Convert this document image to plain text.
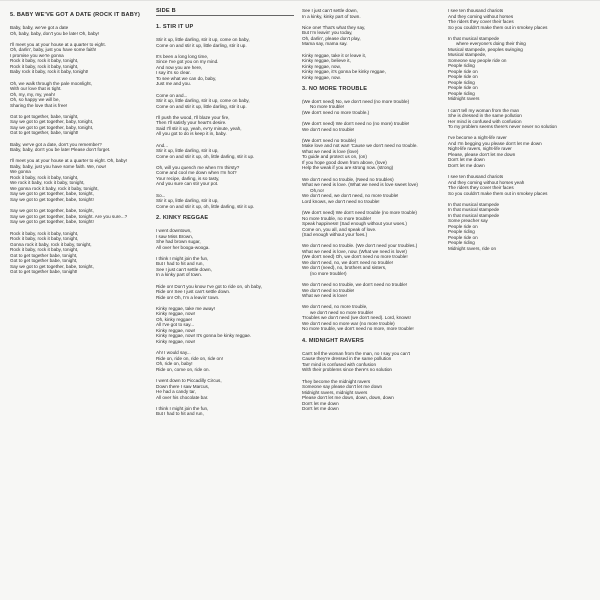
5. BABY WE'VE GOT A DATE (ROCK IT BABY)
Baby, baby, we've got a date
Oh, baby, baby, don't you be late! Oh, baby!
I'll meet you at your house at a quarter to eight.
Oh, darlin', baby, just you have some faith!
I promise you we're gonna
Rock it baby, rock it baby, tonight,
Rock it baby, rock it baby, tonight,
Baby rock it baby, rock it baby, tonight!
Oh, we walk through the pale moonlight,
With our love that is tight.
Oh, my, my, my, yeah!
Oh, so happy we will be,
Sharing the love that is free!
Got to get together, babe, tonight,
Say we got to get together, baby, tonight,
Say we got to get together, baby, tonight,
Got to get together, babe, tonight!
Baby, we've got a date, don't you remember?
Baby, baby, don't you be late! Please don't forget.
I'll meet you at your house at a quarter to eight. Oh, baby!
Baby, baby, just you have some faith. We, now!
We gonna
Rock it baby, rock it baby, tonight,
We rock it baby, rock it baby, tonight,
We gonna rock it baby, rock it baby, tonight,
Say we got to get together, babe, tonight,
Say we got to get together, babe, tonight!
Say we got to get together, babe, tonight,
Say we got to get together, babe, tonight. Are you sure...?
Say we got to get together, babe, tonight!
Rock it baby, rock it baby, tonight,
Rock it baby, rock it baby, tonight,
Gonna rock it baby, rock it baby, tonight,
Rock it baby, rock it baby, tonight,
Got to get together babe, tonight,
Got to get together babe, tonight,
Say we got to get together, babe, tonight,
Got to get together babe, tonight!
SIDE B
1. STIR IT UP
Stir it up, little darling, stir it up, come on baby,
Come on and stir it up, little darling, stir it up.
It's been a long long time,
Since I've got you on my mind.
And now you are here,
I say it's so clear.
To see what we can do, baby,
Just me and you.
Come on and...
Stir it up, little darling, stir it up, come on baby,
Come on and stir it up, little darling, stir it up.
I'll push the wood, I'll blaze your fire,
Then I'll satisfy your heart's desire.
Said I'll stir it up, yeah, ev'ry minute, yeah,
All you got to do is keep it in, baby.
And...
Stir it up, little darling, stir it up,
Come on and stir it up, oh, little darling, stir it up.
Oh, will you quench me when I'm thirsty?
Come and cool me down when I'm hot?
Your recipe, darling, is so tasty,
And you sure can stir your pot.
So...
Stir it up, little darling, stir it up,
Come on and stir it up, oh, little darling, stir it up.
2. KINKY REGGAE
I went downtown,
I saw Miss Brown,
She had brown sugar,
All over her booga-wooga.
I think I might join the fun,
But I had to hit and run,
See I just can't settle down,
In a kinky part of town.
Ride on! Don't you know I've got to ride on, oh baby,
Ride on! See I just can't settle down.
Ride on! Oh, I'm a leavin' town.
Kinky reggae, take me away!
Kinky reggae, now!
Oh, kinky reggae!
All I've got to say...
Kinky reggae, now!
Kinky reggae, now! It's gonna be kinky reggae.
Kinky reggae, now!
Ah! I would say...
Ride on, ride on, ride on, ride on!
Oh, ride on, baby!
Ride on, come on, ride on.
I went down to Piccadilly Circus,
Down there I saw Marcus,
He had a candy tar,
All over his chocolate bar.
I think I might join the fun,
But I had to hit and run,
See I just can't settle down,
In a kinky, kinky part of town.
Nice one! That's what they say,
But I'm leavin' you today,
Oh, darlin', please don't play,
Mama say, mama say.
Kinky reggae, take it or leave it,
Kinky reggae, believe it,
Kinky reggae, now,
Kinky reggae, it's gonna be kinky reggae,
Kinky reggae, now.
3. NO MORE TROUBLE
(We don't need) No, we don't need (no more trouble)
No more trouble!
(We don't need no more trouble.)
(We don't need) We don't need no (no more) trouble!
We don't need no trouble!
(We don't need no trouble)
Make love and not war! 'Cause we don't need no trouble.
What we need is love (love)
To guide and protect us on, (on)
If you hope good down from above, (love)
Help the weak if you are strong now. (strong)
We don't need no trouble, (Need no troubles)
What we need is love. (What we need is love sweet love)
Oh,no!
We don't need, we don't need, no more trouble!
Lord knows, we don't need no trouble!
(We don't need) We don't need trouble (no more trouble)
No more trouble, no more trouble!
Speak happiness! (Sad enough without your woes.)
Come on, you all, and speak of love.
(Sad enough without your foes.)
We don't need no trouble. (We don't need your troubles.)
What we need is love, now. (What we need is love!)
(We don't need) Oh, we don't need no more trouble!
We don't need, no, we don't need no trouble!
We don't (need), no, brothers and sisters,
(no more trouble!)
We don't need no trouble, we don't need no trouble!
We don't need no trouble!
What we need is love!
We don't need, no more trouble,
we don't need no more trouble!
Troubles we don't need (we don't need). Lord, knows!
We don't need no more war (no more trouble)
No more trouble, we don't need no more, more trouble!
4. MIDNIGHT RAVERS
Can't tell the woman from the man, no I say you can't
Cause they're dressed in the same pollution
Tarr mind is confused with confusion
With their problems since there's no solution
They become the midnight ravers
Someone say please don't let me down
Midnight ravers, midnight ravers
Please don't let me down, down, down, down
Don't let me down
Don't let me down
I see ten thousand chariots
And they coming without horses
The riders they cover their faces
So you couldn't make them out in smokey places
In that musical stampede
where everyone's doing their thing
Musical stampede, peoples swinging
Musical stampede,
Someone say people ride on
People riding
People ride on
People ride on
People riding
People ride on
People riding
Midnight ravers
I can't tell my woman from the man
She is dressed in the same pollution
Her mind is confused with confusion
To my problem seems there's never never no solution
I've become a night-life raver
And I'm begging you please don't let me down
Night-life ravers, night-life raver
Please, please don't let me down
Don't let me down
Don't let me down
I see ten thousand chariots
And they coming without horses yeah
The riders they cover their faces
So you couldn't make them out in smokey places
In that musical stampede
In that musical stampede
In that musical stampede
Some preacher say
People ride on
People riding
People ride on
People riding
Midnight ravers, ride on
